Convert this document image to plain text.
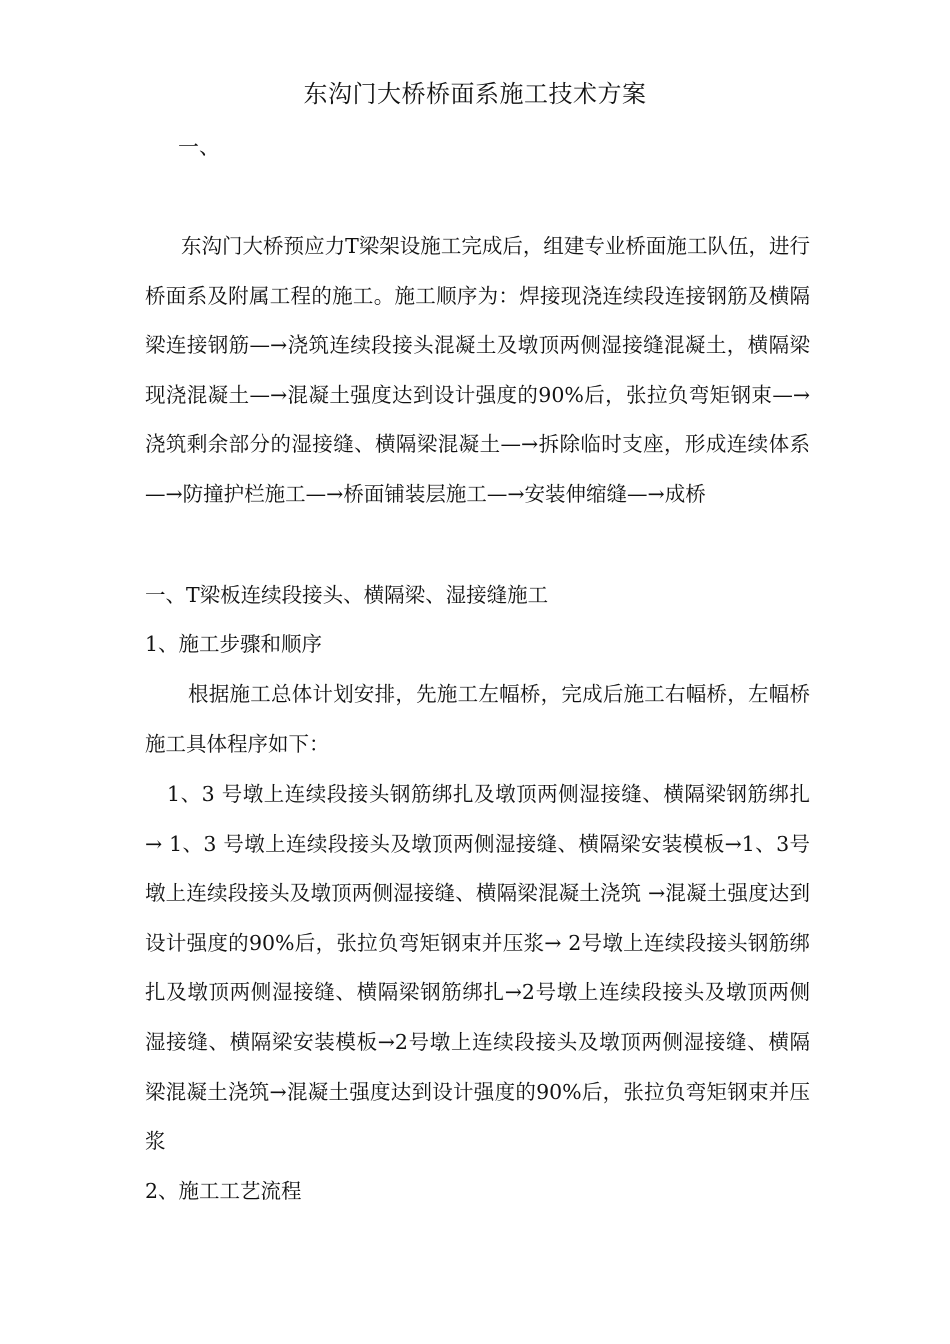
东沟门大桥桥面系施工技术方案
一、
东沟门大桥预应力T梁架设施工完成后，组建专业桥面施工队伍，进行桥面系及附属工程的施工。施工顺序为：焊接现浇连续段连接钢筋及横隔梁连接钢筋—→浇筑连续段接头混凝土及墩顶两侧湿接缝混凝土，横隔梁现浇混凝土—→混凝土强度达到设计强度的90%后，张拉负弯矩钢束—→浇筑剩余部分的湿接缝、横隔梁混凝土—→拆除临时支座，形成连续体系—→防撞护栏施工—→桥面铺装层施工—→安装伸缩缝—→成桥
一、T梁板连续段接头、横隔梁、湿接缝施工
1、施工步骤和顺序
根据施工总体计划安排，先施工左幅桥，完成后施工右幅桥，左幅桥施工具体程序如下：
1、3 号墩上连续段接头钢筋绑扎及墩顶两侧湿接缝、横隔梁钢筋绑扎 → 1、3 号墩上连续段接头及墩顶两侧湿接缝、横隔梁安装模板→1、3号墩上连续段接头及墩顶两侧湿接缝、横隔梁混凝土浇筑 →混凝土强度达到设计强度的90%后，张拉负弯矩钢束并压浆→ 2号墩上连续段接头钢筋绑扎及墩顶两侧湿接缝、横隔梁钢筋绑扎→2号墩上连续段接头及墩顶两侧湿接缝、横隔梁安装模板→2号墩上连续段接头及墩顶两侧湿接缝、横隔梁混凝土浇筑→混凝土强度达到设计强度的90%后，张拉负弯矩钢束并压浆
2、施工工艺流程
